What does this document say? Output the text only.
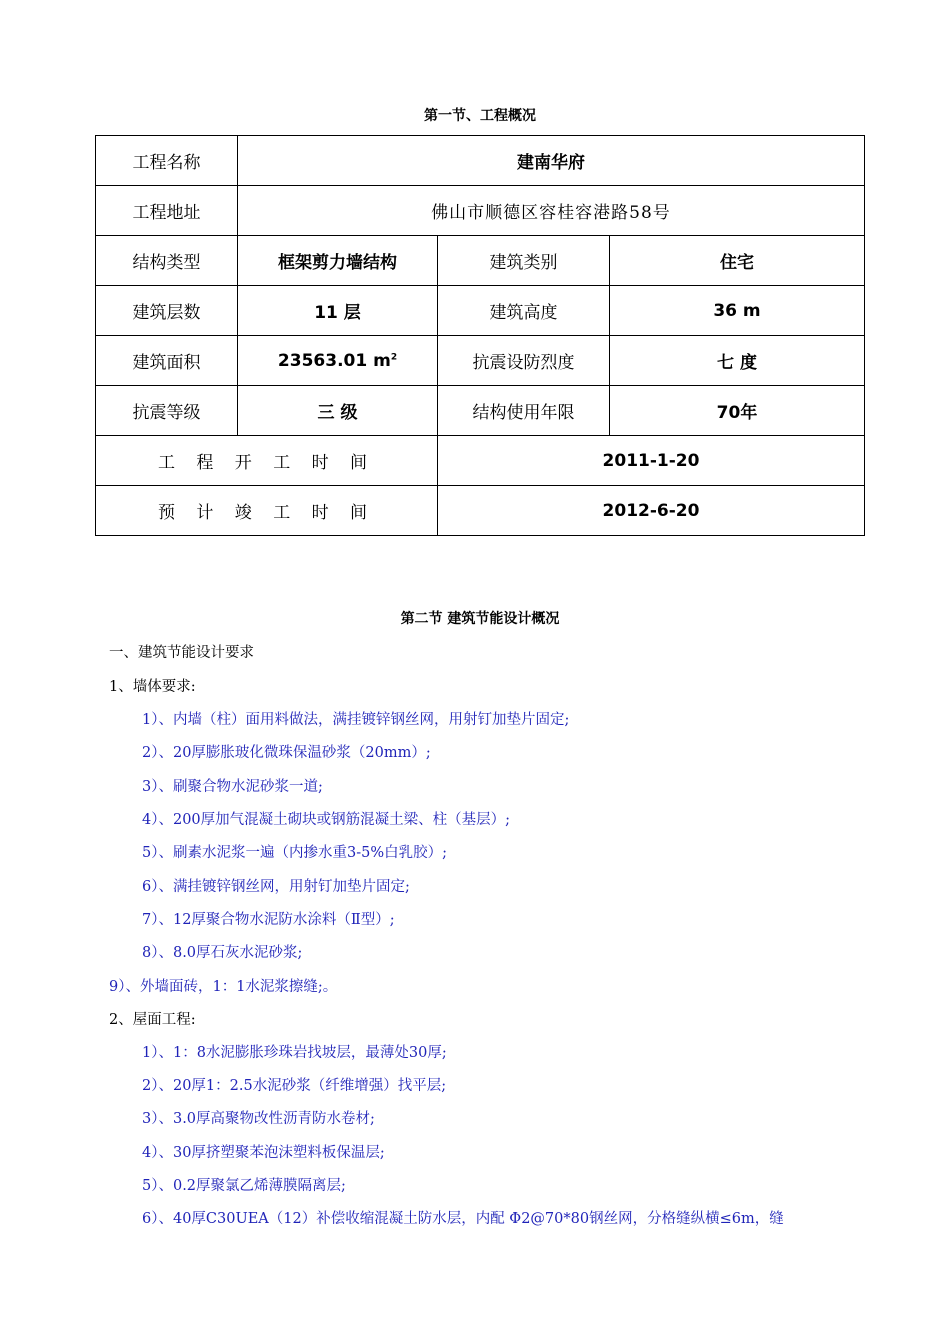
第一节、工程概况
工程名称	建南华府		
工程地址	佛山市顺德区容桂容港路58号		
结构类型	框架剪力墙结构	建筑类别	住宅
建筑层数	11 层	建筑高度	36 m
建筑面积	23563.01 $m^2$	抗震设防烈度	七 度
抗震等级	三 级	结构使用年限	70年
工 程 开 工 时 间		2011-1-20	
预 计 竣 工 时 间		2012-6-20	
第二节 建筑节能设计概况
一、建筑节能设计要求
1、墙体要求:
1）、内墙（柱）面用料做法，满挂镀锌钢丝网，用射钉加垫片固定;
2）、20厚膨胀玻化微珠保温砂浆（20mm）;
3）、刷聚合物水泥砂浆一道;
4）、200厚加气混凝土砌块或钢筋混凝土梁、柱（基层）;
5）、刷素水泥浆一遍（内掺水重3-5%白乳胶）;
6）、满挂镀锌钢丝网，用射钉加垫片固定;
7）、12厚聚合物水泥防水涂料（Ⅱ型）;
8）、8.0厚石灰水泥砂浆;
9）、外墙面砖，1：1水泥浆擦缝;。
2、屋面工程:
1）、1：8水泥膨胀珍珠岩找坡层，最薄处30厚;
2）、20厚1：2.5水泥砂浆（纤维增强）找平层;
3）、3.0厚高聚物改性沥青防水卷材;
4）、30厚挤塑聚苯泡沫塑料板保温层;
5）、0.2厚聚氯乙烯薄膜隔离层;
6）、40厚C30UEA（12）补偿收缩混凝土防水层，内配 Φ2@70*80钢丝网，分格缝纵横≤6m，缝
